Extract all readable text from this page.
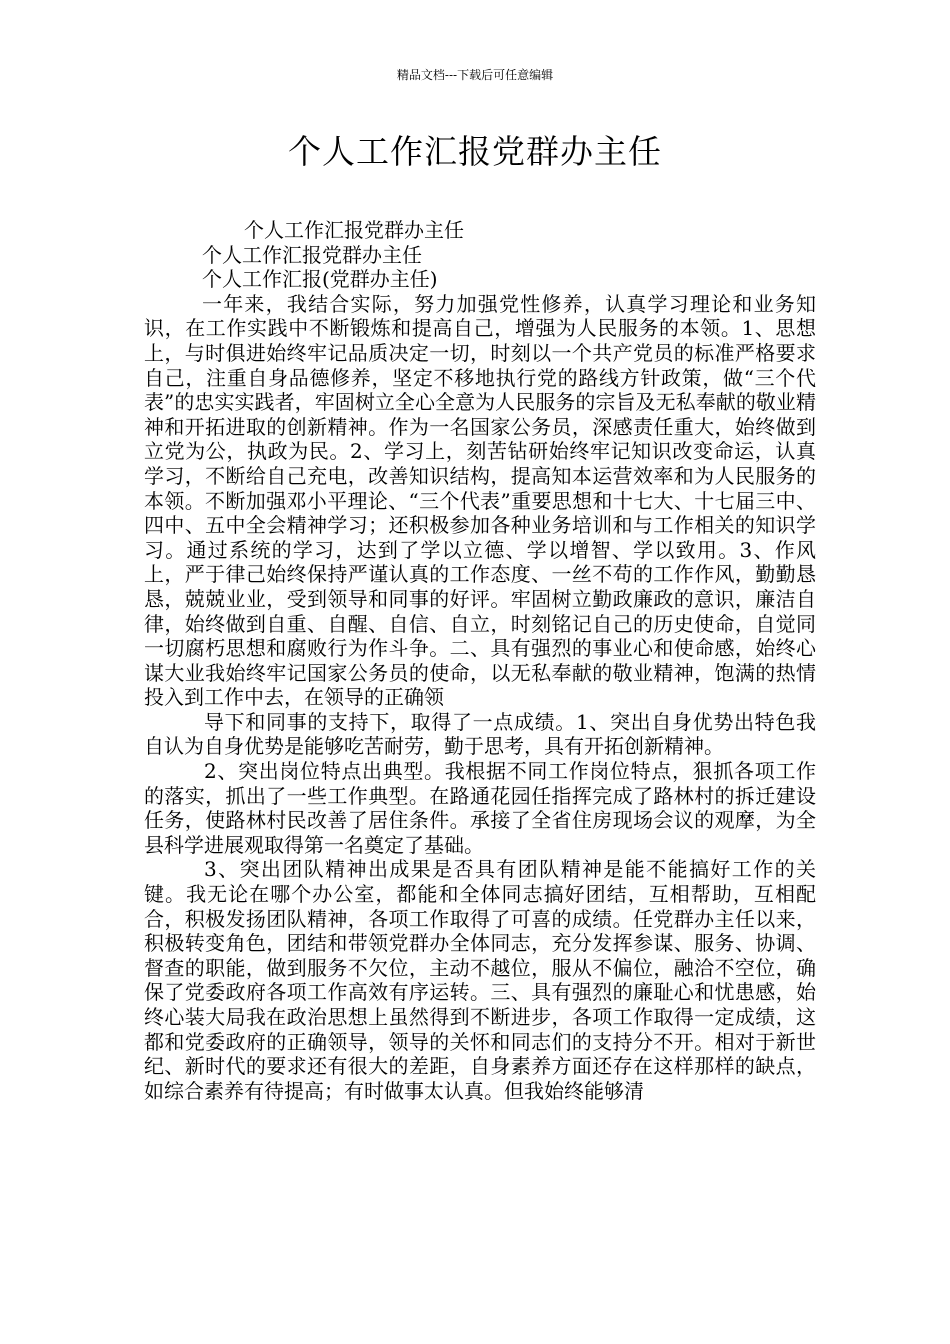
精品文档---下载后可任意编辑
个人工作汇报党群办主任

个人工作汇报党群办主任

个人工作汇报党群办主任

个人工作汇报(党群办主任)

一年来，我结合实际，努力加强党性修养，认真学习理论和业务知识，在工作实践中不断锻炼和提高自己，增强为人民服务的本领。1、思想上，与时俱进始终牢记品质决定一切，时刻以一个共产党员的标准严格要求自己，注重自身品德修养，坚定不移地执行党的路线方针政策，做“三个代表”的忠实实践者，牢固树立全心全意为人民服务的宗旨及无私奉献的敬业精神和开拓进取的创新精神。作为一名国家公务员，深感责任重大，始终做到立党为公，执政为民。2、学习上，刻苦钻研始终牢记知识改变命运，认真学习，不断给自己充电，改善知识结构，提高知本运营效率和为人民服务的本领。不断加强邓小平理论、“三个代表”重要思想和十七大、十七届三中、四中、五中全会精神学习；还积极参加各种业务培训和与工作相关的知识学习。通过系统的学习，达到了学以立德、学以增智、学以致用。3、作风上，严于律己始终保持严谨认真的工作态度、一丝不苟的工作作风，勤勤恳恳，兢兢业业，受到领导和同事的好评。牢固树立勤政廉政的意识，廉洁自律，始终做到自重、自醒、自信、自立，时刻铭记自己的历史使命，自觉同一切腐朽思想和腐败行为作斗争。二、具有强烈的事业心和使命感，始终心谋大业我始终牢记国家公务员的使命，以无私奉献的敬业精神，饱满的热情投入到工作中去，在领导的正确领

导下和同事的支持下，取得了一点成绩。1、突出自身优势出特色我自认为自身优势是能够吃苦耐劳，勤于思考，具有开拓创新精神。

2、突出岗位特点出典型。我根据不同工作岗位特点，狠抓各项工作的落实，抓出了一些工作典型。在路通花园任指挥完成了路林村的拆迁建设任务，使路林村民改善了居住条件。承接了全省住房现场会议的观摩，为全县科学进展观取得第一名奠定了基础。

3、突出团队精神出成果是否具有团队精神是能不能搞好工作的关键。我无论在哪个办公室，都能和全体同志搞好团结，互相帮助，互相配合，积极发扬团队精神，各项工作取得了可喜的成绩。任党群办主任以来，积极转变角色，团结和带领党群办全体同志，充分发挥参谋、服务、协调、督查的职能，做到服务不欠位，主动不越位，服从不偏位，融洽不空位，确保了党委政府各项工作高效有序运转。三、具有强烈的廉耻心和忧患感，始终心装大局我在政治思想上虽然得到不断进步，各项工作取得一定成绩，这都和党委政府的正确领导，领导的关怀和同志们的支持分不开。相对于新世纪、新时代的要求还有很大的差距，自身素养方面还存在这样那样的缺点，如综合素养有待提高；有时做事太认真。但我始终能够清
